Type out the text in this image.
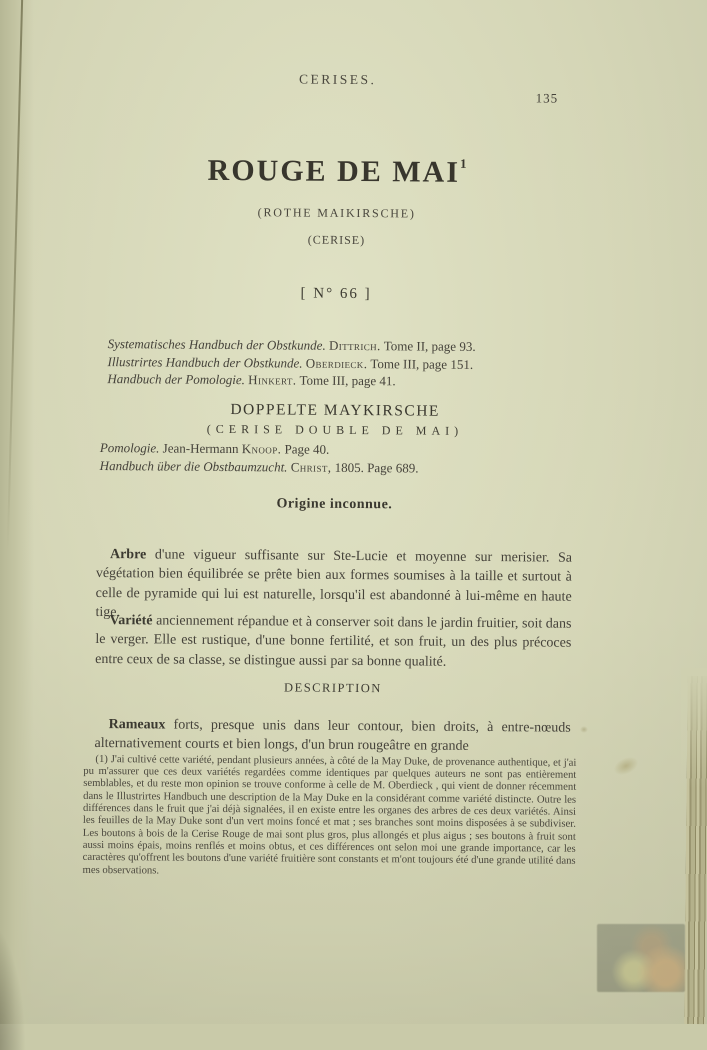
CERISES.
135
ROUGE DE MAI$^1$
(ROTHE MAIKIRSCHE)
(CERISE)
[ N° 66 ]
Systematisches Handbuch der Obstkunde. Dittrich. Tome II, page 93.
Illustrirtes Handbuch der Obstkunde. Oberdieck. Tome III, page 151.
Handbuch der Pomologie. Hinkert. Tome III, page 41.
DOPPELTE MAYKIRSCHE
(CERISE DOUBLE DE MAI)
Pomologie. Jean-Hermann Knoop. Page 40.
Handbuch über die Obstbaumzucht. Christ, 1805. Page 689.
Origine inconnue.

Arbre d'une vigueur suffisante sur Ste-Lucie et moyenne sur merisier. Sa végétation bien équilibrée se prête bien aux formes soumises à la taille et surtout à celle de pyramide qui lui est naturelle, lorsqu'il est abandonné à lui-même en haute tige.

Variété anciennement répandue et à conserver soit dans le jardin fruitier, soit dans le verger. Elle est rustique, d'une bonne fertilité, et son fruit, un des plus précoces entre ceux de sa classe, se distingue aussi par sa bonne qualité.

DESCRIPTION

Rameaux forts, presque unis dans leur contour, bien droits, à entre-nœuds alternativement courts et bien longs, d'un brun rougeâtre en grande

(1) J'ai cultivé cette variété, pendant plusieurs années, à côté de la May Duke, de provenance authentique, et j'ai pu m'assurer que ces deux variétés regardées comme identiques par quelques auteurs ne sont pas entièrement semblables, et du reste mon opinion se trouve conforme à celle de M. Oberdieck , qui vient de donner récemment dans le Illustrirtes Handbuch une description de la May Duke en la considérant comme variété distincte. Outre les différences dans le fruit que j'ai déjà signalées, il en existe entre les organes des arbres de ces deux variétés. Ainsi les feuilles de la May Duke sont d'un vert moins foncé et mat ; ses branches sont moins disposées à se subdiviser. Les boutons à bois de la Cerise Rouge de mai sont plus gros, plus allongés et plus aigus ; ses boutons à fruit sont aussi moins épais, moins renflés et moins obtus, et ces différences ont selon moi une grande importance, car les caractères qu'offrent les boutons d'une variété fruitière sont constants et m'ont toujours été d'une grande utilité dans mes observations.
